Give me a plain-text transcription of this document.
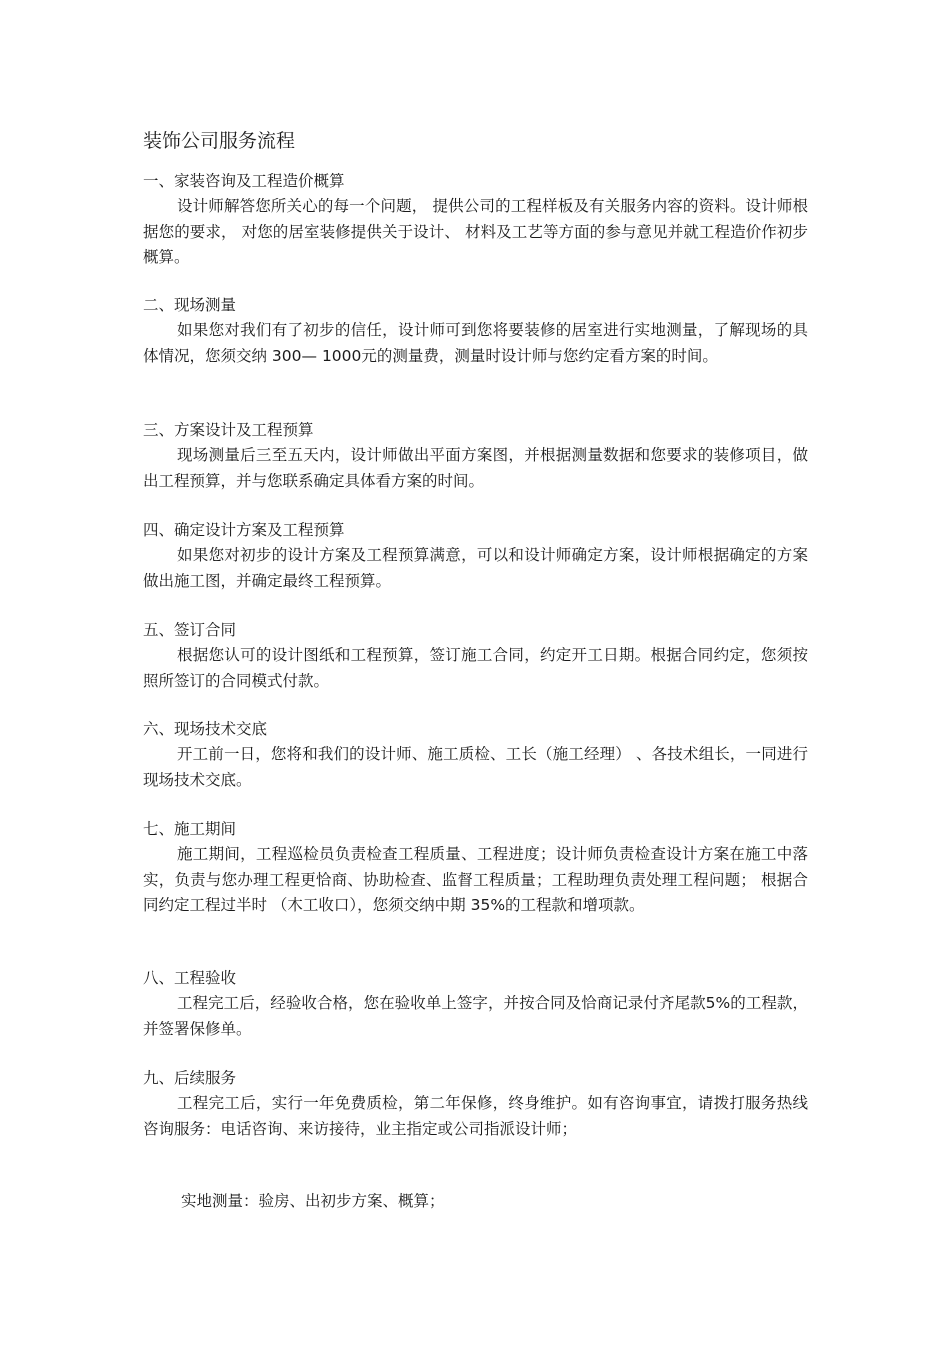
装饰公司服务流程
一、家装咨询及工程造价概算
设计师解答您所关心的每一个问题， 提供公司的工程样板及有关服务内容的资料。设计师根据您的要求， 对您的居室装修提供关于设计、 材料及工艺等方面的参与意见并就工程造价作初步概算。
二、现场测量
如果您对我们有了初步的信任，设计师可到您将要装修的居室进行实地测量，了解现场的具体情况，您须交纳 300— 1000元的测量费，测量时设计师与您约定看方案的时间。
三、方案设计及工程预算
现场测量后三至五天内，设计师做出平面方案图，并根据测量数据和您要求的装修项目，做出工程预算，并与您联系确定具体看方案的时间。
四、确定设计方案及工程预算
如果您对初步的设计方案及工程预算满意，可以和设计师确定方案，设计师根据确定的方案做出施工图，并确定最终工程预算。
五、签订合同
根据您认可的设计图纸和工程预算，签订施工合同，约定开工日期。根据合同约定，您须按照所签订的合同模式付款。
六、现场技术交底
开工前一日，您将和我们的设计师、施工质检、工长（施工经理） 、各技术组长，一同进行现场技术交底。
七、施工期间
施工期间，工程巡检员负责检查工程质量、工程进度；设计师负责检查设计方案在施工中落实，负责与您办理工程更恰商、协助检查、监督工程质量；工程助理负责处理工程问题； 根据合同约定工程过半时 （木工收口），您须交纳中期 35%的工程款和增项款。
八、工程验收
工程完工后，经验收合格，您在验收单上签字，并按合同及恰商记录付齐尾款5%的工程款，并签署保修单。
九、后续服务
工程完工后，实行一年免费质检，第二年保修，终身维护。如有咨询事宜，请拨打服务热线咨询服务：电话咨询、来访接待，业主指定或公司指派设计师；
实地测量：验房、出初步方案、概算；
